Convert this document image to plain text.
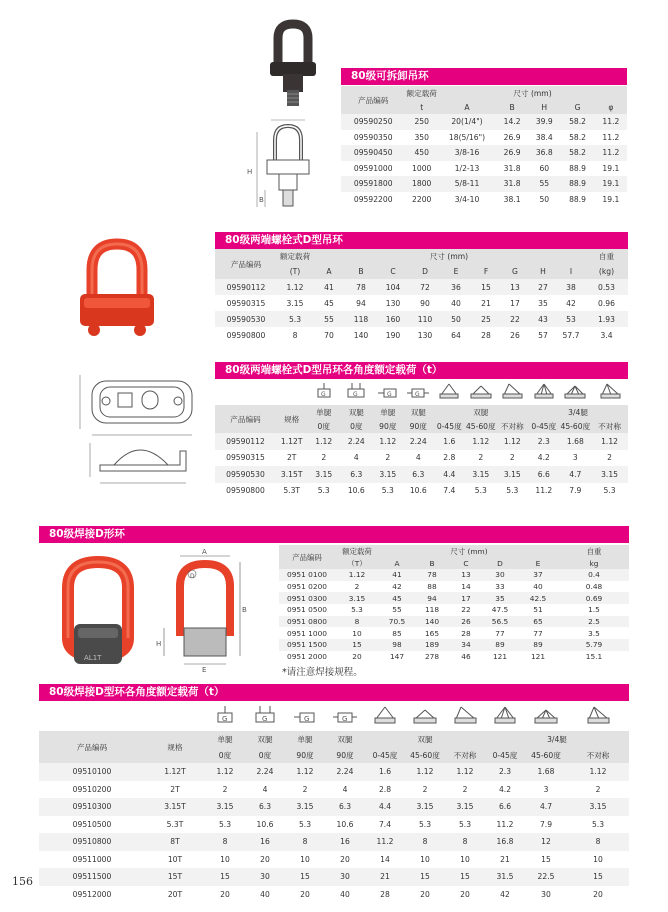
H
B
80级可拆卸吊环
产品编码	额定载荷	尺寸 (mm)				
	t	A	B	H	G	φ
09590250	250	20(1/4")	14.2	39.9	58.2	11.2
09590350	350	18(5/16")	26.9	38.4	58.2	11.2
09590450	450	3/8-16	26.9	36.8	58.2	11.2
09591000	1000	1/2-13	31.8	60	88.9	19.1
09591800	1800	5/8-11	31.8	55	88.9	19.1
09592200	2200	3/4-10	38.1	50	88.9	19.1
80级两端螺栓式D型吊环
产品编码	额定载荷	尺寸 (mm)									自重
	(T)	A	B	C	D	E	F	G	H	I	(kg)
09590112	1.12	41	78	104	72	36	15	13	27	38	0.53
09590315	3.15	45	94	130	90	40	21	17	35	42	0.96
09590530	5.3	55	118	160	110	50	25	22	43	53	1.93
09590800	8	70	140	190	130	64	28	26	57	57.7	3.4
80级两端螺栓式D型吊环各角度额定载荷（t）

G	G	G	G

产品编码	规格	单腿	双腿	单腿	双腿	双腿			3/4腿		
		0度	0度	90度	90度	0-45度	45-60度	不对称	0-45度	45-60度	不对称
09590112	1.12T	1.12	2.24	1.12	2.24	1.6	1.12	1.12	2.3	1.68	1.12
09590315	2T	2	4	2	4	2.8	2	2	4.2	3	2
09590530	3.15T	3.15	6.3	3.15	6.3	4.4	3.15	3.15	6.6	4.7	3.15
09590800	5.3T	5.3	10.6	5.3	10.6	7.4	5.3	5.3	11.2	7.9	5.3
80级焊接D形环
AL1T
A
D
B
H
E
产品编码	额定载荷	尺寸 (mm)					自重
	（T）	A	B	C	D	E	kg
0951 0100	1.12	41	78	13	30	37	0.4
0951 0200	2	42	88	14	33	40	0.48
0951 0300	3.15	45	94	17	35	42.5	0.69
0951 0500	5.3	55	118	22	47.5	51	1.5
0951 0800	8	70.5	140	26	56.5	65	2.5
0951 1000	10	85	165	28	77	77	3.5
0951 1500	15	98	189	34	89	89	5.79
0951 2000	20	147	278	46	121	121	15.1
*请注意焊接规程。
80级焊接D型环各角度额定载荷（t）

G	G	G	G

产品编码	规格	单腿	双腿	单腿	双腿	双腿			3/4腿		
		0度	0度	90度	90度	0-45度	45-60度	不对称	0-45度	45-60度	不对称
09510100	1.12T	1.12	2.24	1.12	2.24	1.6	1.12	1.12	2.3	1.68	1.12
09510200	2T	2	4	2	4	2.8	2	2	4.2	3	2
09510300	3.15T	3.15	6.3	3.15	6.3	4.4	3.15	3.15	6.6	4.7	3.15
09510500	5.3T	5.3	10.6	5.3	10.6	7.4	5.3	5.3	11.2	7.9	5.3
09510800	8T	8	16	8	16	11.2	8	8	16.8	12	8
09511000	10T	10	20	10	20	14	10	10	21	15	10
09511500	15T	15	30	15	30	21	15	15	31.5	22.5	15
09512000	20T	20	40	20	40	28	20	20	42	30	20
156
